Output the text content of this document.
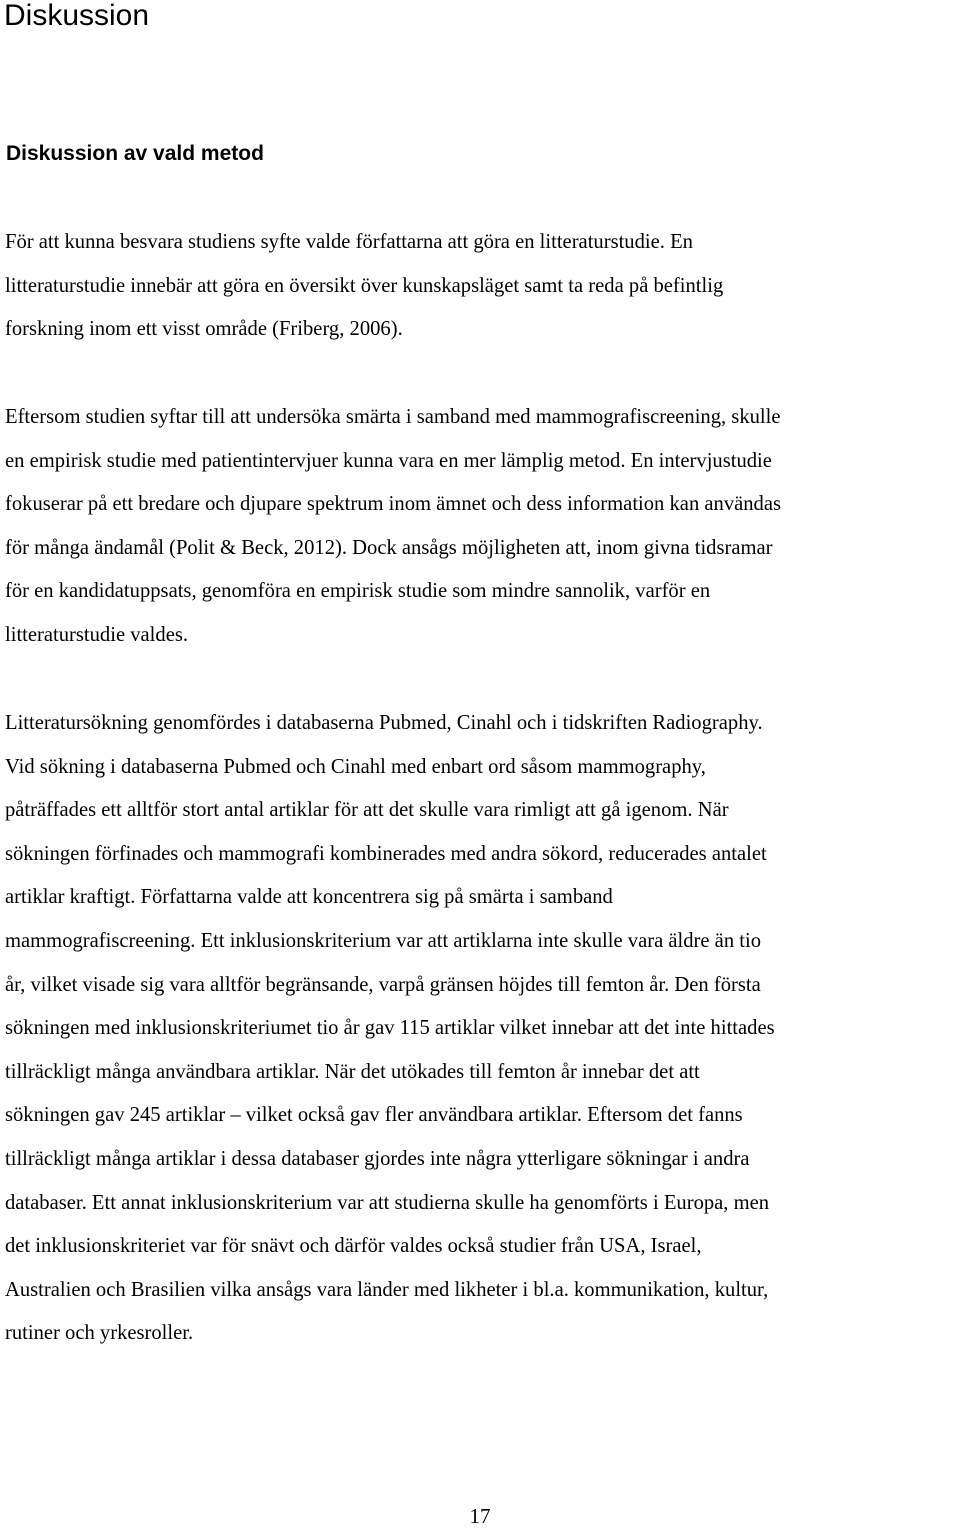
Diskussion
Diskussion av vald metod

För att kunna besvara studiens syfte valde författarna att göra en litteraturstudie. En
litteraturstudie innebär att göra en översikt över kunskapsläget samt ta reda på befintlig
forskning inom ett visst område (Friberg, 2006).

Eftersom studien syftar till att undersöka smärta i samband med mammografiscreening, skulle
en empirisk studie med patientintervjuer kunna vara en mer lämplig metod. En intervjustudie
fokuserar på ett bredare och djupare spektrum inom ämnet och dess information kan användas
för många ändamål (Polit & Beck, 2012). Dock ansågs möjligheten att, inom givna tidsramar
för en kandidatuppsats, genomföra en empirisk studie som mindre sannolik, varför en
litteraturstudie valdes.

Litteratursökning genomfördes i databaserna Pubmed, Cinahl och i tidskriften Radiography.
Vid sökning i databaserna Pubmed och Cinahl med enbart ord såsom mammography,
påträffades ett alltför stort antal artiklar för att det skulle vara rimligt att gå igenom. När
sökningen förfinades och mammografi kombinerades med andra sökord, reducerades antalet
artiklar kraftigt. Författarna valde att koncentrera sig på smärta i samband
mammografiscreening. Ett inklusionskriterium var att artiklarna inte skulle vara äldre än tio
år, vilket visade sig vara alltför begränsande, varpå gränsen höjdes till femton år. Den första
sökningen med inklusionskriteriumet tio år gav 115 artiklar vilket innebar att det inte hittades
tillräckligt många användbara artiklar. När det utökades till femton år innebar det att
sökningen gav 245 artiklar – vilket också gav fler användbara artiklar. Eftersom det fanns
tillräckligt många artiklar i dessa databaser gjordes inte några ytterligare sökningar i andra
databaser. Ett annat inklusionskriterium var att studierna skulle ha genomförts i Europa, men
det inklusionskriteriet var för snävt och därför valdes också studier från USA, Israel,
Australien och Brasilien vilka ansågs vara länder med likheter i bl.a. kommunikation, kultur,
rutiner och yrkesroller.

17
